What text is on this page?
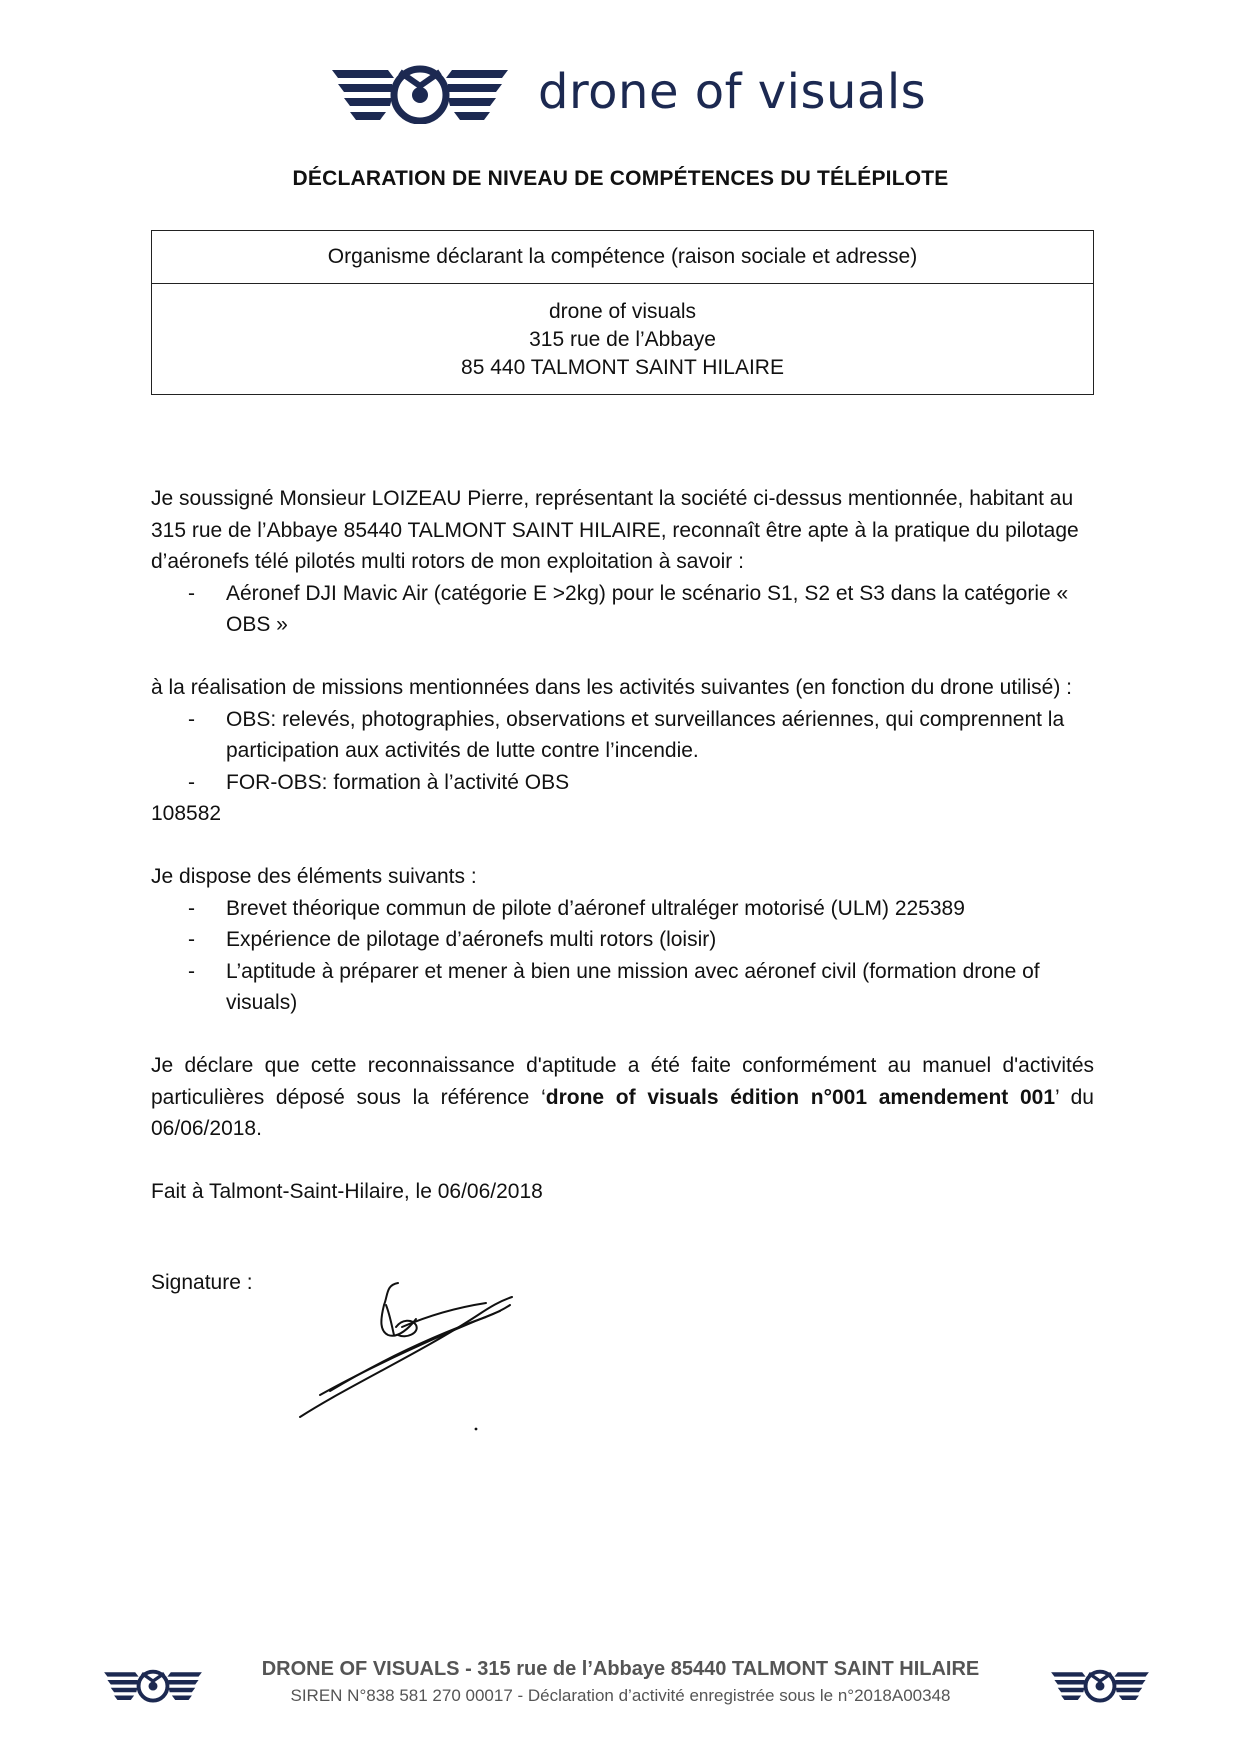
drone of visuals
DÉCLARATION DE NIVEAU DE COMPÉTENCES DU TÉLÉPILOTE
Organisme déclarant la compétence (raison sociale et adresse)
drone of visuals
315 rue de l’Abbaye
85 440 TALMONT SAINT HILAIRE

Je soussigné Monsieur LOIZEAU Pierre, représentant la société ci-dessus mentionnée, habitant au 315 rue de l’Abbaye 85440 TALMONT SAINT HILAIRE, reconnaît être apte à la pratique du pilotage d’aéronefs télé pilotés multi rotors de mon exploitation à savoir :

- Aéronef DJI Mavic Air (catégorie E >2kg) pour le scénario S1, S2 et S3 dans la catégorie « OBS »

à la réalisation de missions mentionnées dans les activités suivantes (en fonction du drone utilisé) :

- OBS: relevés, photographies, observations et surveillances aériennes, qui comprennent la participation aux activités de lutte contre l’incendie.
- FOR-OBS: formation à l’activité OBS

108582

Je dispose des éléments suivants :

- Brevet théorique commun de pilote d’aéronef ultraléger motorisé (ULM) 225389
- Expérience de pilotage d’aéronefs multi rotors (loisir)
- L’aptitude à préparer et mener à bien une mission avec aéronef civil (formation drone of visuals)

Je déclare que cette reconnaissance d'aptitude a été faite conformément au manuel d'activités particulières déposé sous la référence ‘drone of visuals édition n°001 amendement 001’ du 06/06/2018.

Fait à Talmont-Saint-Hilaire, le 06/06/2018

Signature :
DRONE OF VISUALS - 315 rue de l’Abbaye 85440 TALMONT SAINT HILAIRE
SIREN N°838 581 270 00017 - Déclaration d’activité enregistrée sous le n°2018A00348
